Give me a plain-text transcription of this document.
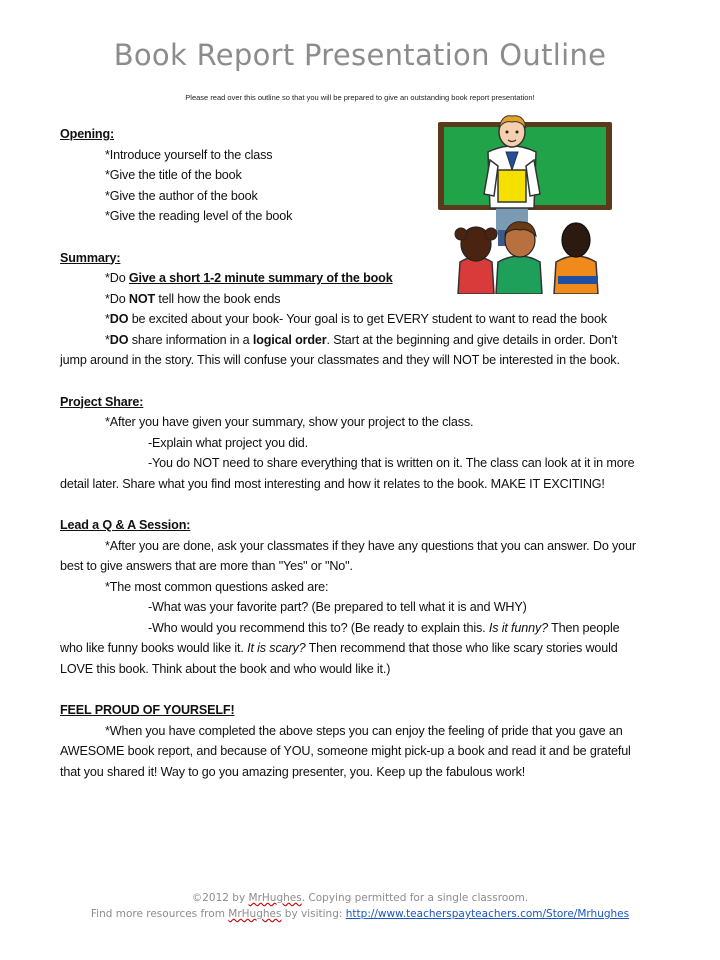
Book Report Presentation Outline
Please read over this outline so that you will be prepared to give an outstanding book report presentation!
Opening:
*Introduce yourself to the class
*Give the title of the book
*Give the author of the book
*Give the reading level of the book
Summary:
*Do Give a short 1-2 minute summary of the book
*Do NOT tell how the book ends
*DO be excited about your book- Your goal is to get EVERY student to want to read the book
*DO share information in a logical order. Start at the beginning and give details in order. Don't jump around in the story. This will confuse your classmates and they will NOT be interested in the book.
Project Share:
*After you have given your summary, show your project to the class.
-Explain what project you did.
-You do NOT need to share everything that is written on it. The class can look at it in more detail later. Share what you find most interesting and how it relates to the book. MAKE IT EXCITING!
Lead a Q & A Session:
*After you are done, ask your classmates if they have any questions that you can answer. Do your best to give answers that are more than "Yes" or "No".
*The most common questions asked are:
-What was your favorite part? (Be prepared to tell what it is and WHY)
-Who would you recommend this to? (Be ready to explain this. Is it funny? Then people who like funny books would like it. It is scary? Then recommend that those who like scary stories would LOVE this book. Think about the book and who would like it.)
FEEL PROUD OF YOURSELF!
*When you have completed the above steps you can enjoy the feeling of pride that you gave an AWESOME book report, and because of YOU, someone might pick-up a book and read it and be grateful that you shared it! Way to go you amazing presenter, you. Keep up the fabulous work!
©2012 by MrHughes. Copying permitted for a single classroom.
Find more resources from MrHughes by visiting: http://www.teacherspayteachers.com/Store/Mrhughes
